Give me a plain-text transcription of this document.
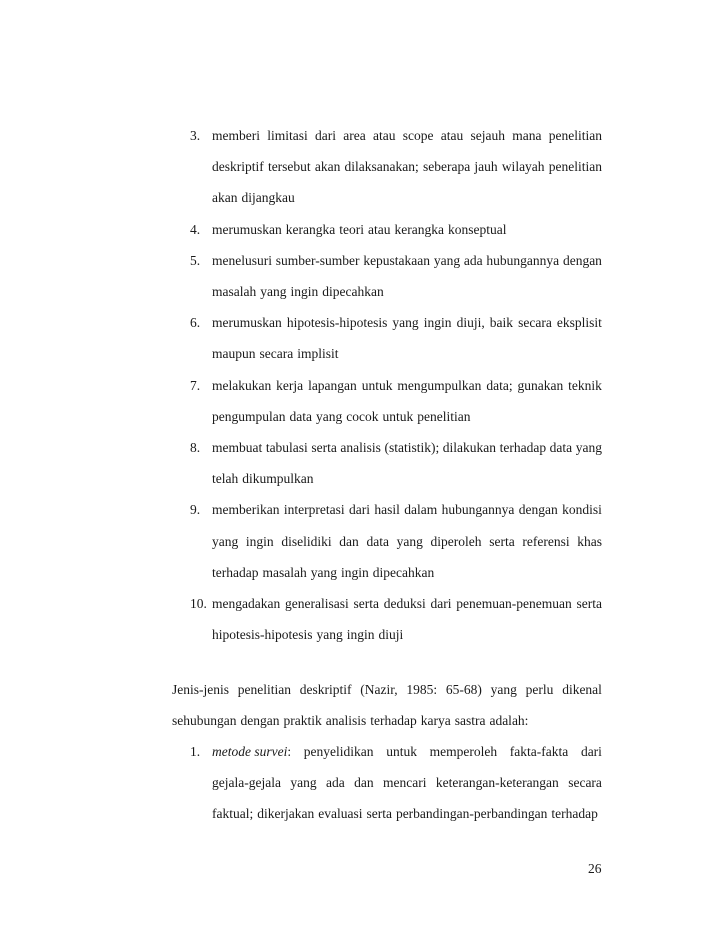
3. memberi limitasi dari area atau scope atau sejauh mana penelitian
deskriptif tersebut akan dilaksanakan; seberapa jauh wilayah penelitian
akan dijangkau
4. merumuskan kerangka teori atau kerangka konseptual
5. menelusuri sumber-sumber kepustakaan yang ada hubungannya dengan
masalah yang ingin dipecahkan
6. merumuskan hipotesis-hipotesis yang ingin diuji, baik secara eksplisit
maupun secara implisit
7. melakukan kerja lapangan untuk mengumpulkan data; gunakan teknik
pengumpulan data yang cocok untuk penelitian
8. membuat tabulasi serta analisis (statistik); dilakukan terhadap data yang
telah dikumpulkan
9. memberikan interpretasi dari hasil dalam hubungannya dengan kondisi
yang ingin diselidiki dan data yang diperoleh serta referensi khas
terhadap masalah yang ingin dipecahkan
10. mengadakan generalisasi serta deduksi dari penemuan-penemuan serta
hipotesis-hipotesis yang ingin diuji
Jenis-jenis penelitian deskriptif (Nazir, 1985: 65-68) yang perlu dikenal
sehubungan dengan praktik analisis terhadap karya sastra adalah:
1. metode survei: penyelidikan untuk memperoleh fakta-fakta dari
gejala-gejala yang ada dan mencari keterangan-keterangan secara
faktual; dikerjakan evaluasi serta perbandingan-perbandingan terhadap
26
